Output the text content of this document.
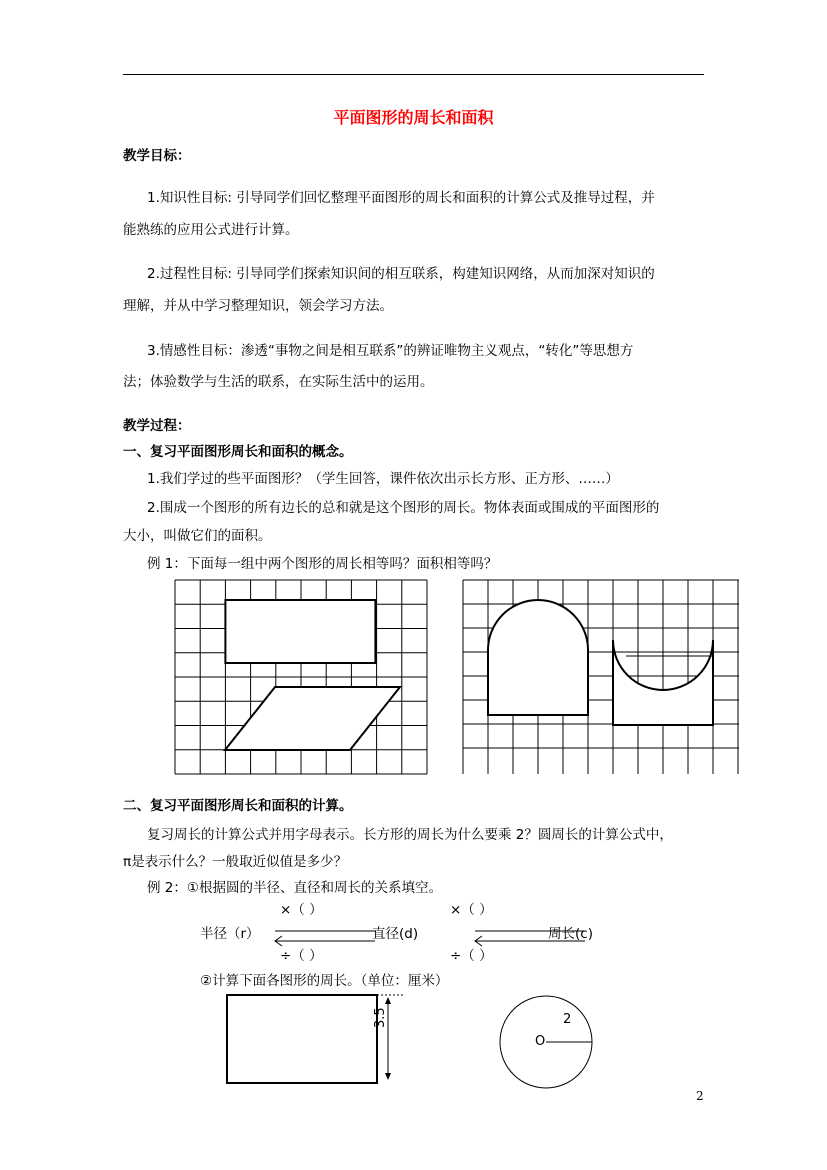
平面图形的周长和面积
教学目标：
1.知识性目标: 引导同学们回忆整理平面图形的周长和面积的计算公式及推导过程，并
能熟练的应用公式进行计算。
2.过程性目标: 引导同学们探索知识间的相互联系，构建知识网络，从而加深对知识的
理解，并从中学习整理知识，领会学习方法。
3.情感性目标：渗透“事物之间是相互联系”的辨证唯物主义观点，“转化”等思想方
法；体验数学与生活的联系，在实际生活中的运用。
教学过程：
一、复习平面图形周长和面积的概念。
1.我们学过的些平面图形？（学生回答，课件依次出示长方形、正方形、……）
2.围成一个图形的所有边长的总和就是这个图形的周长。物体表面或围成的平面图形的
大小，叫做它们的面积。
例 1：下面每一组中两个图形的周长相等吗？面积相等吗？
二、复习平面图形周长和面积的计算。
复习周长的计算公式并用字母表示。长方形的周长为什么要乘 2？圆周长的计算公式中，
π是表示什么？一般取近似值是多少？
例 2：①根据圆的半径、直径和周长的关系填空。
×（ ）	×（ ）
半径（r）	直径(d)	周长(c)
÷（ ）	÷（ ）
②计算下面各图形的周长。（单位：厘米）
3.5	2
O
2
